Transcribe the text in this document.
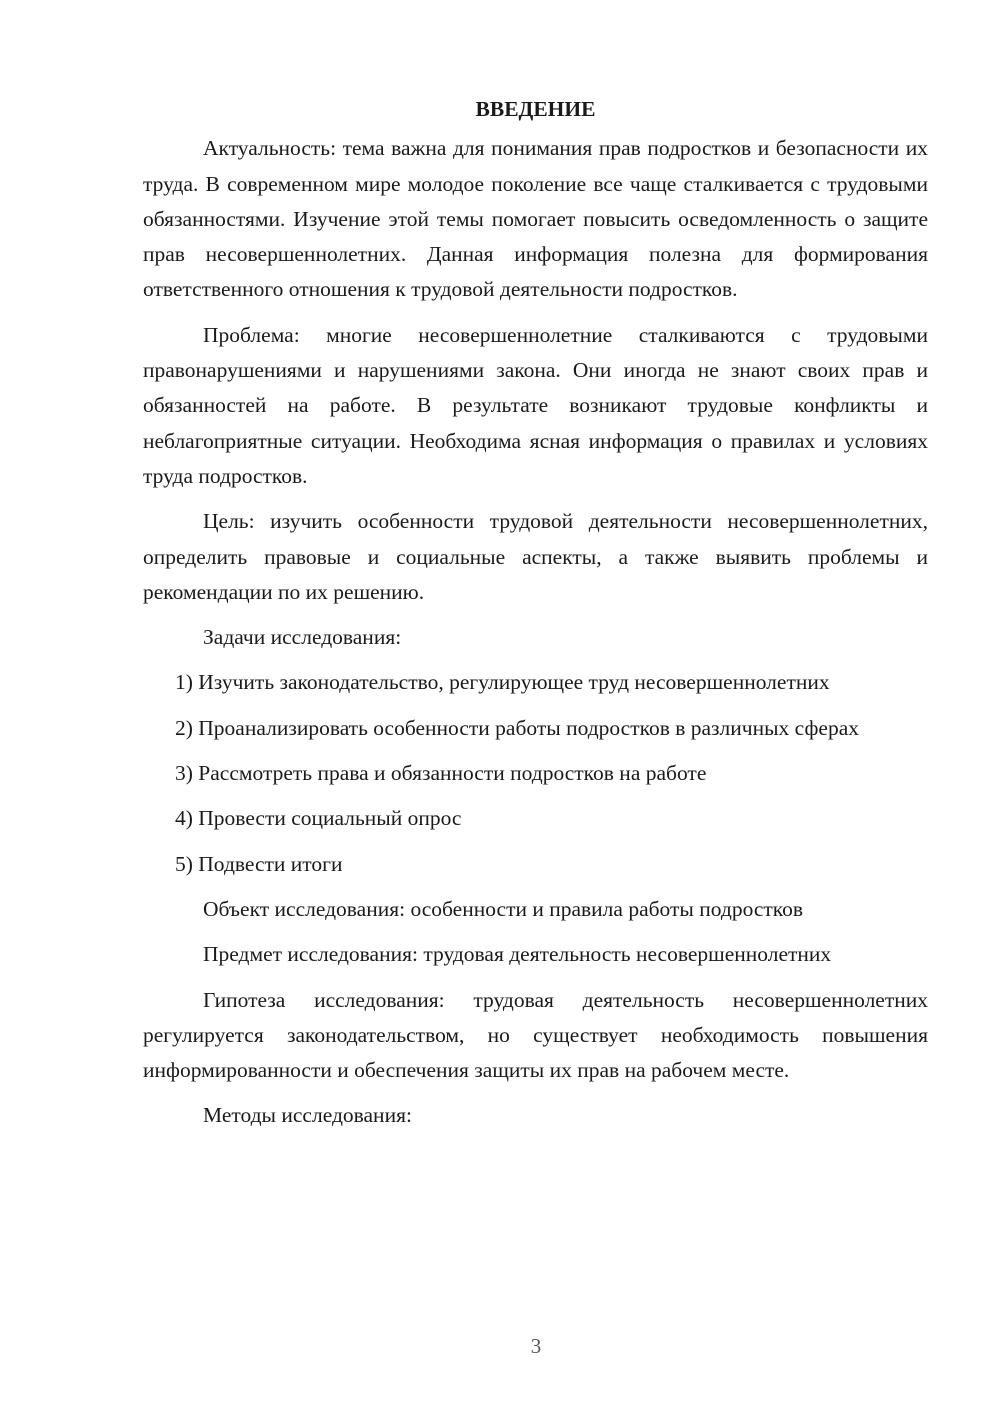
ВВЕДЕНИЕ

Актуальность: тема важна для понимания прав подростков и безопасности их труда. В современном мире молодое поколение все чаще сталкивается с трудовыми обязанностями. Изучение этой темы помогает повысить осведомленность о защите прав несовершеннолетних. Данная информация полезна для формирования ответственного отношения к трудовой деятельности подростков.

Проблема: многие несовершеннолетние сталкиваются с трудовыми правонарушениями и нарушениями закона. Они иногда не знают своих прав и обязанностей на работе. В результате возникают трудовые конфликты и неблагоприятные ситуации. Необходима ясная информация о правилах и условиях труда подростков.

Цель: изучить особенности трудовой деятельности несовершеннолетних, определить правовые и социальные аспекты, а также выявить проблемы и рекомендации по их решению.

Задачи исследования:

1) Изучить законодательство, регулирующее труд несовершеннолетних

2) Проанализировать особенности работы подростков в различных сферах

3) Рассмотреть права и обязанности подростков на работе

4) Провести социальный опрос

5) Подвести итоги

Объект исследования: особенности и правила работы подростков

Предмет исследования: трудовая деятельность несовершеннолетних

Гипотеза исследования: трудовая деятельность несовершеннолетних регулируется законодательством, но существует необходимость повышения информированности и обеспечения защиты их прав на рабочем месте.

Методы исследования:

3
